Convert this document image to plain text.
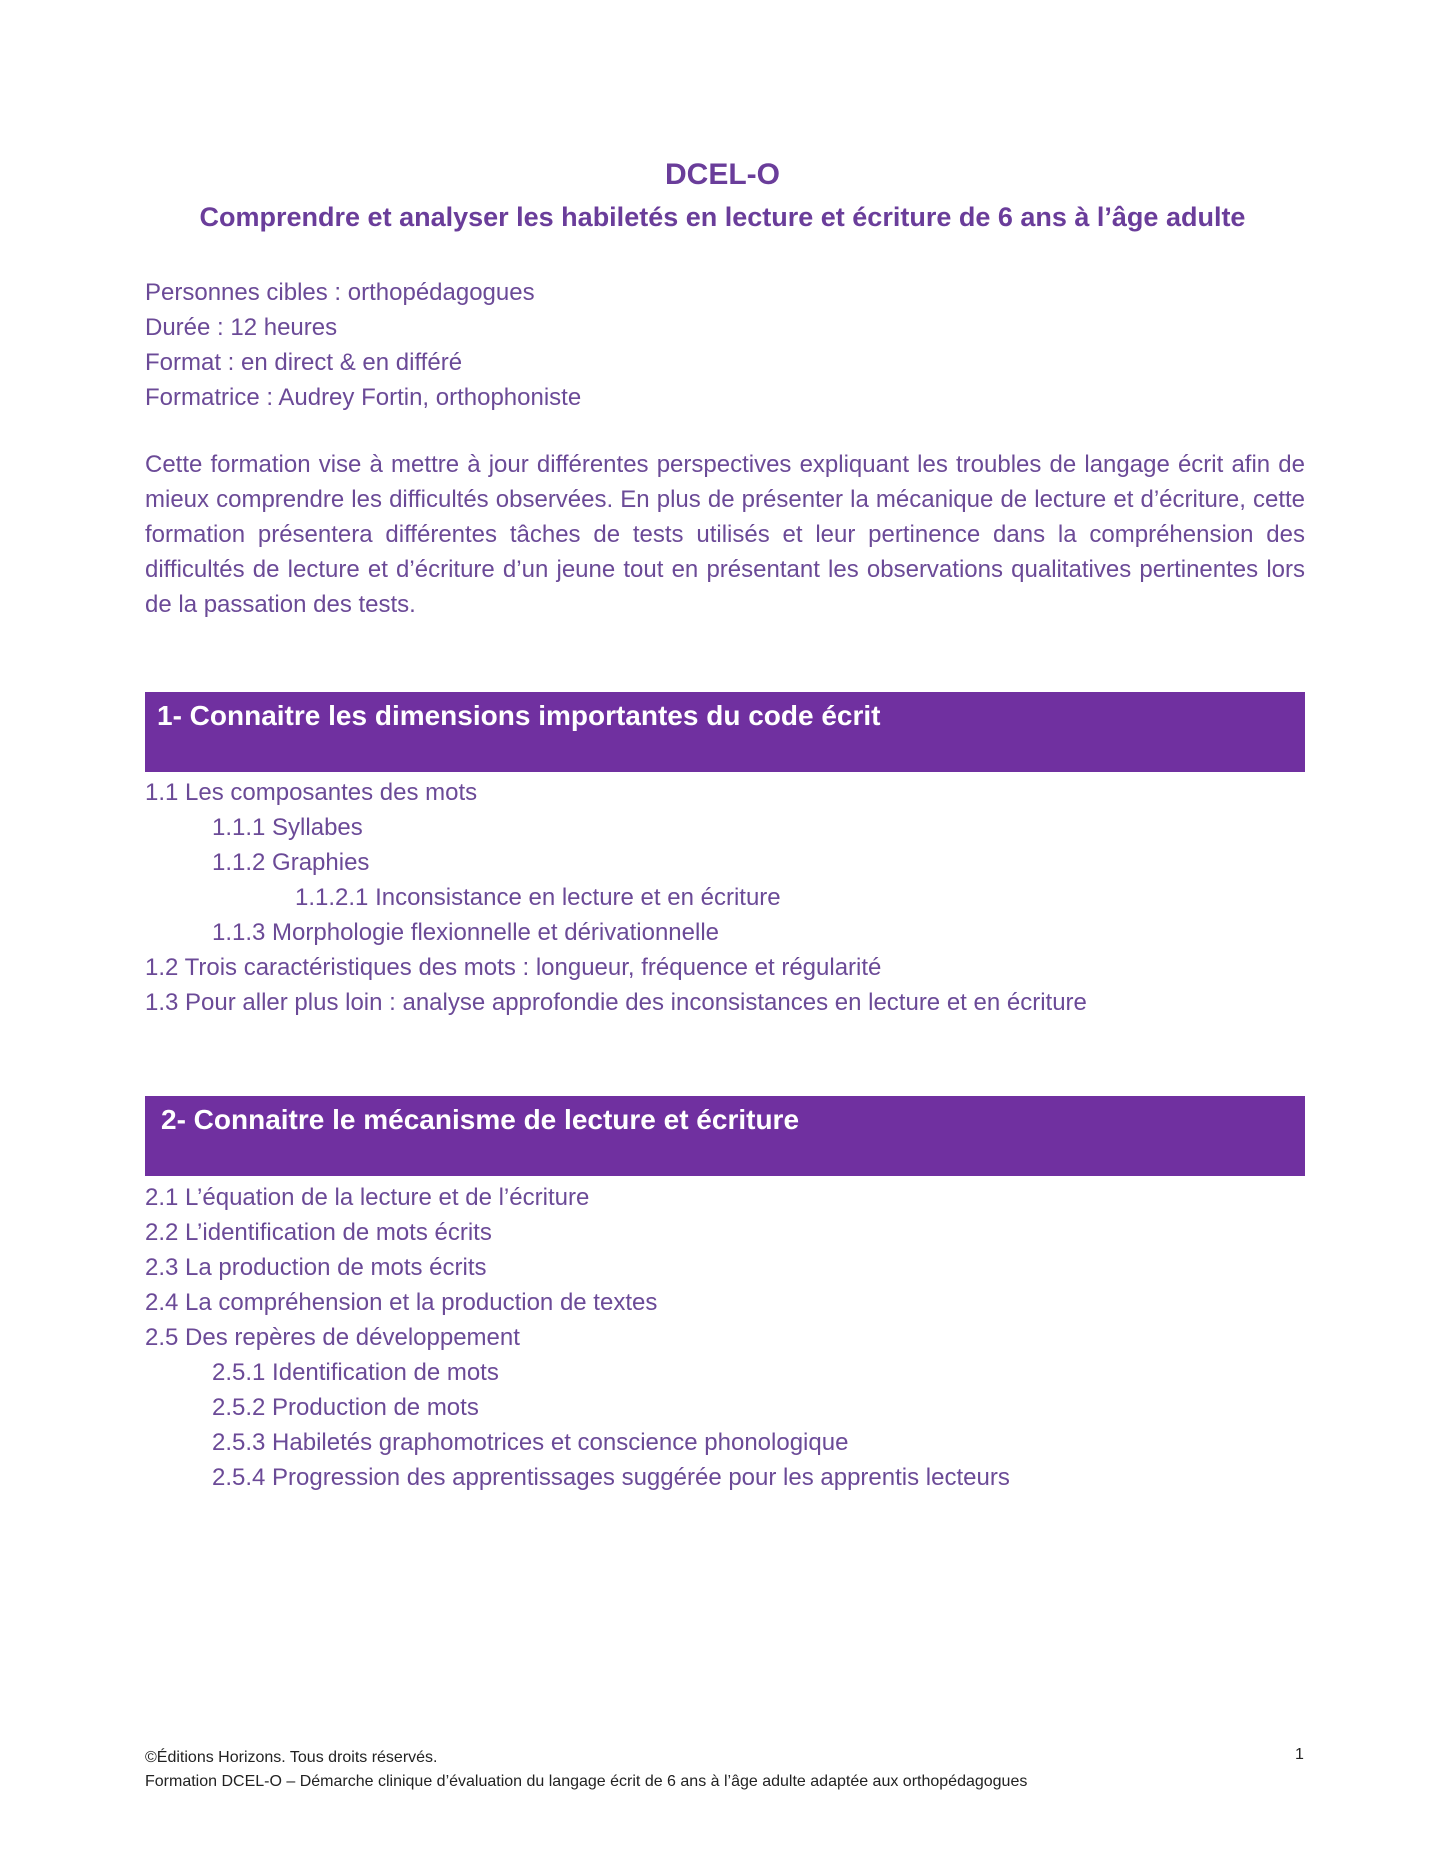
DCEL-O
Comprendre et analyser les habiletés en lecture et écriture de 6 ans à l’âge adulte
Personnes cibles : orthopédagogues
Durée : 12 heures
Format : en direct & en différé
Formatrice : Audrey Fortin, orthophoniste
Cette formation vise à mettre à jour différentes perspectives expliquant les troubles de langage écrit afin de mieux comprendre les difficultés observées. En plus de présenter la mécanique de lecture et d’écriture, cette formation présentera différentes tâches de tests utilisés et leur pertinence dans la compréhension des difficultés de lecture et d’écriture d’un jeune tout en présentant les observations qualitatives pertinentes lors de la passation des tests.
1- Connaitre les dimensions importantes du code écrit
1.1 Les composantes des mots
1.1.1 Syllabes
1.1.2 Graphies
1.1.2.1 Inconsistance en lecture et en écriture
1.1.3 Morphologie flexionnelle et dérivationnelle
1.2 Trois caractéristiques des mots : longueur, fréquence et régularité
1.3 Pour aller plus loin : analyse approfondie des inconsistances en lecture et en écriture
2- Connaitre le mécanisme de lecture et écriture
2.1 L’équation de la lecture et de l’écriture
2.2 L’identification de mots écrits
2.3 La production de mots écrits
2.4 La compréhension et la production de textes
2.5 Des repères de développement
2.5.1 Identification de mots
2.5.2 Production de mots
2.5.3 Habiletés graphomotrices et conscience phonologique
2.5.4 Progression des apprentissages suggérée pour les apprentis lecteurs
©Éditions Horizons. Tous droits réservés.
Formation DCEL-O – Démarche clinique d’évaluation du langage écrit de 6 ans à l’âge adulte adaptée aux orthopédagogues
1
